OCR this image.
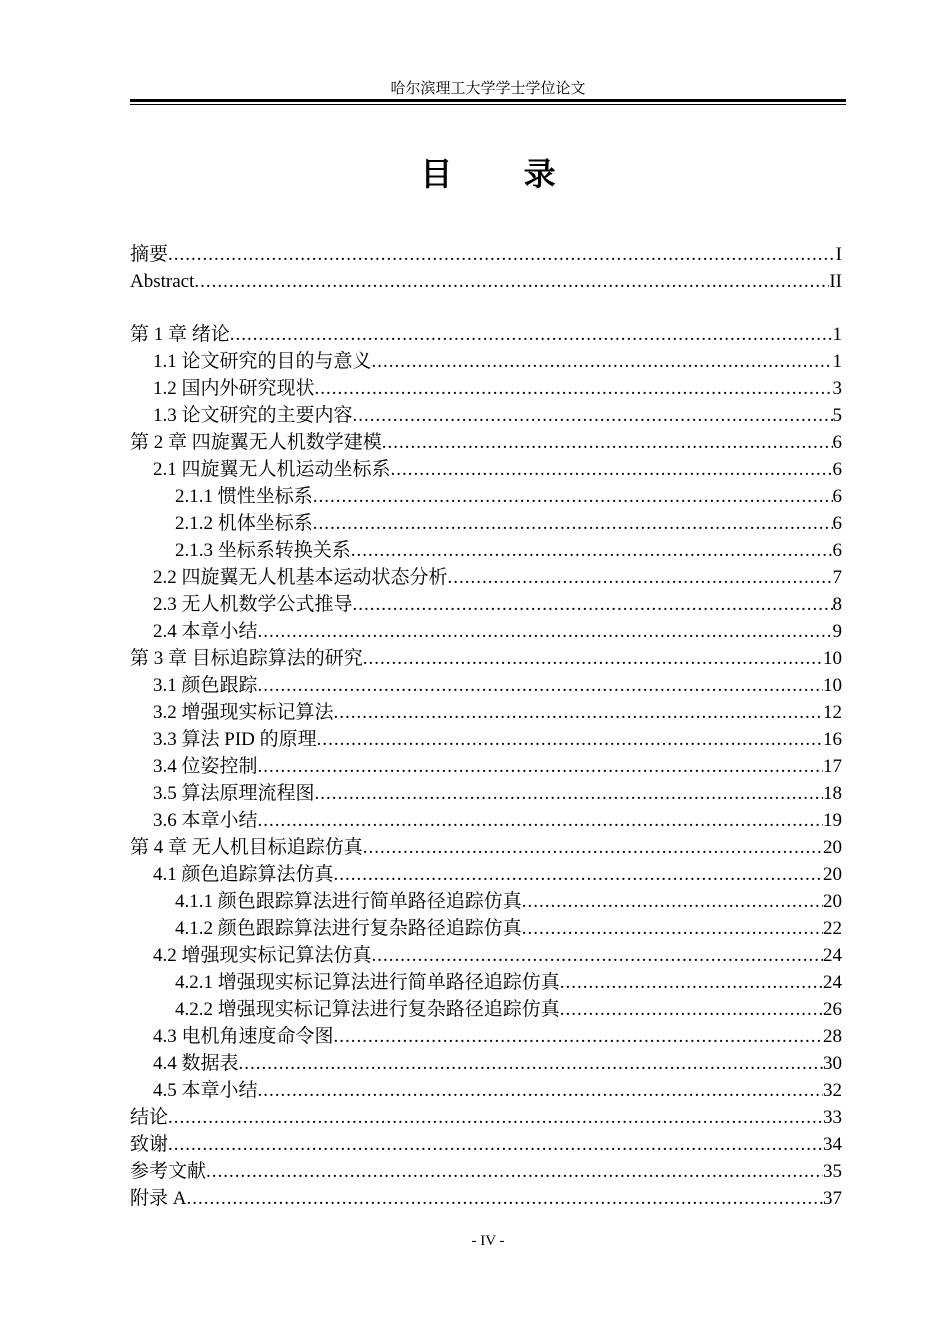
哈尔滨理工大学学士学位论文
目 录
摘要 .....	I
Abstract .....	II
第 1 章 绪论 .....	1
1.1 论文研究的目的与意义 .....	1
1.2 国内外研究现状 .....	3
1.3 论文研究的主要内容 .....	5
第 2 章 四旋翼无人机数学建模 .....	6
2.1 四旋翼无人机运动坐标系 .....	6
2.1.1 惯性坐标系 .....	6
2.1.2 机体坐标系 .....	6
2.1.3 坐标系转换关系 .....	6
2.2 四旋翼无人机基本运动状态分析 .....	7
2.3 无人机数学公式推导 .....	8
2.4 本章小结 .....	9
第 3 章 目标追踪算法的研究 .....	10
3.1 颜色跟踪 .....	10
3.2 增强现实标记算法 .....	12
3.3 算法 PID 的原理 .....	16
3.4 位姿控制 .....	17
3.5 算法原理流程图 .....	18
3.6 本章小结 .....	19
第 4 章 无人机目标追踪仿真 .....	20
4.1 颜色追踪算法仿真 .....	20
4.1.1 颜色跟踪算法进行简单路径追踪仿真 .....	20
4.1.2 颜色跟踪算法进行复杂路径追踪仿真 .....	22
4.2 增强现实标记算法仿真 .....	24
4.2.1 增强现实标记算法进行简单路径追踪仿真 .....	24
4.2.2 增强现实标记算法进行复杂路径追踪仿真 .....	26
4.3 电机角速度命令图 .....	28
4.4 数据表 .....	30
4.5 本章小结 .....	32
结论 .....	33
致谢 .....	34
参考文献 .....	35
附录 A .....	37
- IV -
